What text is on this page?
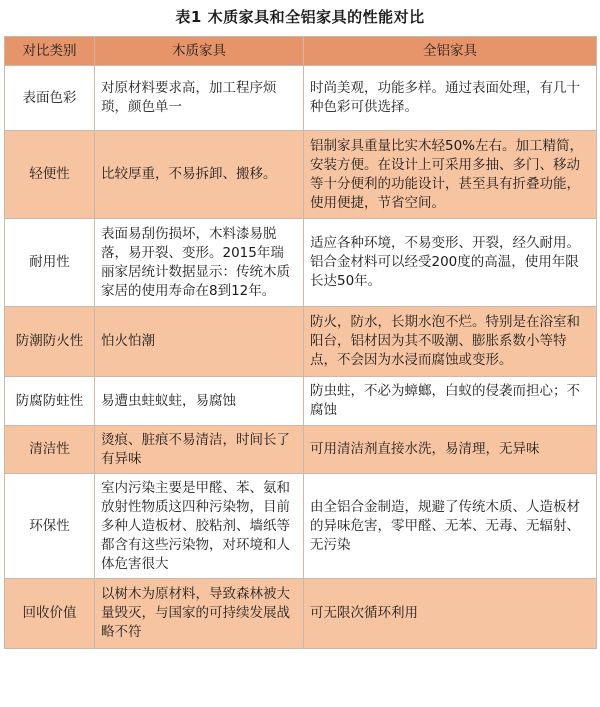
表1 木质家具和全铝家具的性能对比
对比类别	木质家具	全铝家具
表面色彩	对原材料要求高，加工程序烦琐，颜色单一	时尚美观，功能多样。通过表面处理，有几十种色彩可供选择。
轻便性	比较厚重，不易拆卸、搬移。	铝制家具重量比实木轻50%左右。加工精简，安装方便。在设计上可采用多抽、多门、移动等十分便利的功能设计，甚至具有折叠功能，使用便捷，节省空间。
耐用性	表面易刮伤损坏，木料漆易脱落，易开裂、变形。2015年瑞丽家居统计数据显示：传统木质家居的使用寿命在8到12年。	适应各种环境，不易变形、开裂，经久耐用。铝合金材料可以经受200度的高温，使用年限长达50年。
防潮防火性	怕火怕潮	防火，防水，长期水泡不烂。特别是在浴室和阳台，铝材因为其不吸潮、膨胀系数小等特点，不会因为水浸而腐蚀或变形。
防腐防蛀性	易遭虫蛀蚁蛀，易腐蚀	防虫蛀，不必为蟑螂，白蚁的侵袭而担心；不腐蚀
清洁性	烫痕、脏痕不易清洁，时间长了有异味	可用清洁剂直接水洗，易清理，无异味
环保性	室内污染主要是甲醛、苯、氨和放射性物质这四种污染物，目前多种人造板材、胶粘剂、墙纸等都含有这些污染物，对环境和人体危害很大	由全铝合金制造，规避了传统木质、人造板材的异味危害，零甲醛、无苯、无毒、无辐射、无污染
回收价值	以树木为原材料，导致森林被大量毁灭，与国家的可持续发展战略不符	可无限次循环利用
